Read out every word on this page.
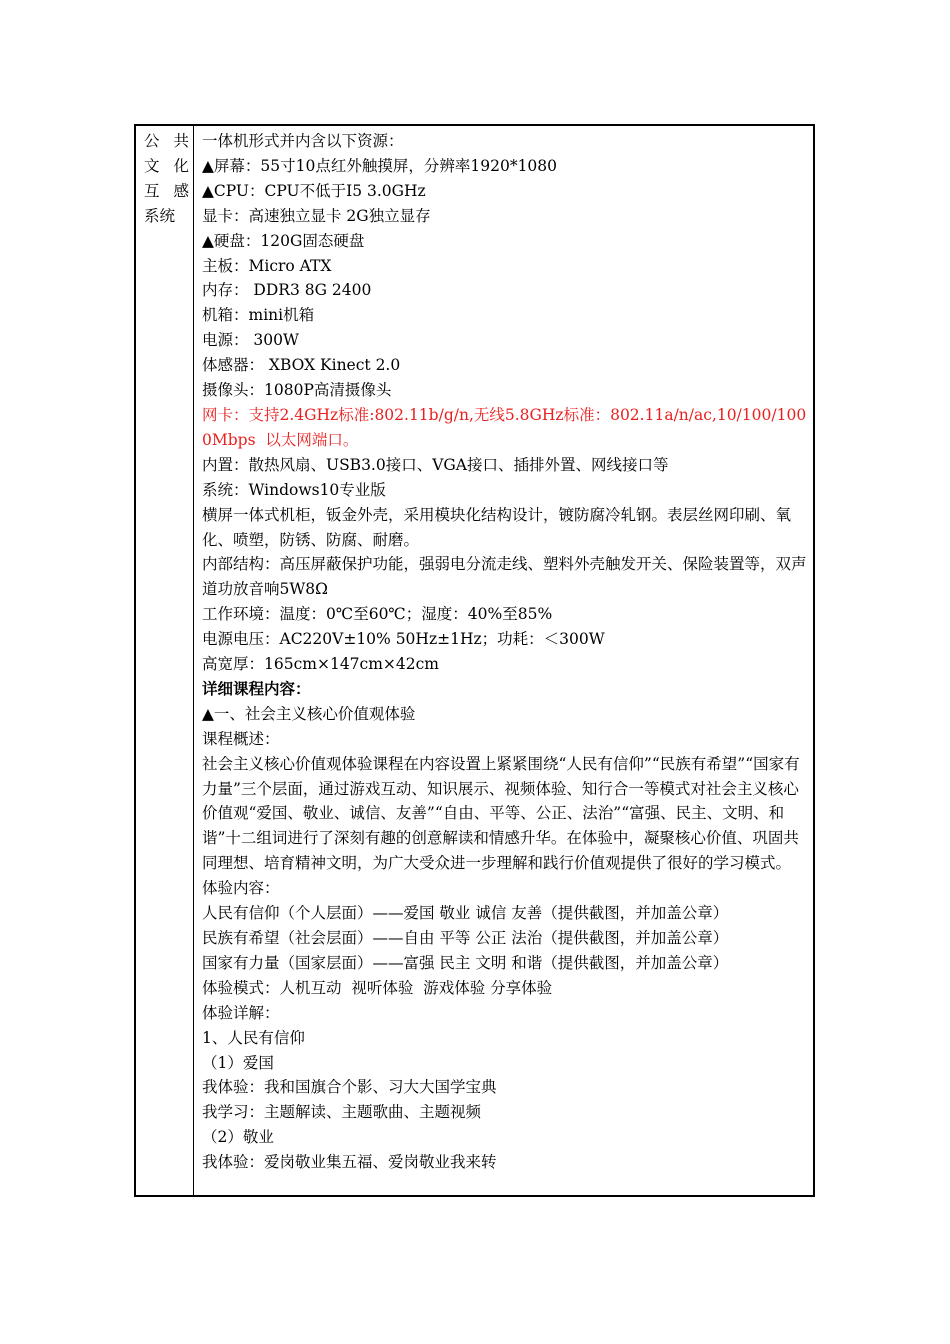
公 共
文 化
互 感
系统
一体机形式并内含以下资源：
▲屏幕：55寸10点红外触摸屏，分辨率1920*1080
▲CPU：CPU不低于I5 3.0GHz
显卡：高速独立显卡 2G独立显存
▲硬盘：120G固态硬盘
主板：Micro ATX
内存： DDR3 8G 2400
机箱：mini机箱
电源： 300W
体感器： XBOX Kinect 2.0
摄像头：1080P高清摄像头
网卡：支持2.4GHz标准:802.11b/g/n,无线5.8GHz标准：802.11a/n/ac,10/100/1000Mbps  以太网端口。
内置：散热风扇、USB3.0接口、VGA接口、插排外置、网线接口等
系统：Windows10专业版
横屏一体式机柜，钣金外壳，采用模块化结构设计，镀防腐冷轧钢。表层丝网印刷、氧化、喷塑，防锈、防腐、耐磨。
内部结构：高压屏蔽保护功能，强弱电分流走线、塑料外壳触发开关、保险装置等，双声道功放音响5W8Ω
工作环境：温度：0℃至60℃；湿度：40%至85%
电源电压：AC220V±10% 50Hz±1Hz；功耗：＜300W
高宽厚：165cm×147cm×42cm
详细课程内容：
▲一、社会主义核心价值观体验
课程概述：
社会主义核心价值观体验课程在内容设置上紧紧围绕“人民有信仰”“民族有希望”“国家有力量”三个层面，通过游戏互动、知识展示、视频体验、知行合一等模式对社会主义核心价值观“爱国、敬业、诚信、友善”“自由、平等、公正、法治”“富强、民主、文明、和谐”十二组词进行了深刻有趣的创意解读和情感升华。在体验中，凝聚核心价值、巩固共同理想、培育精神文明，为广大受众进一步理解和践行价值观提供了很好的学习模式。
体验内容：
人民有信仰（个人层面）——爱国 敬业 诚信 友善（提供截图，并加盖公章）
民族有希望（社会层面）——自由 平等 公正 法治（提供截图，并加盖公章）
国家有力量（国家层面）——富强 民主 文明 和谐（提供截图，并加盖公章）
体验模式：人机互动  视听体验  游戏体验 分享体验
体验详解：
1、人民有信仰
（1）爱国
我体验：我和国旗合个影、习大大国学宝典
我学习：主题解读、主题歌曲、主题视频
（2）敬业
我体验：爱岗敬业集五福、爱岗敬业我来转
